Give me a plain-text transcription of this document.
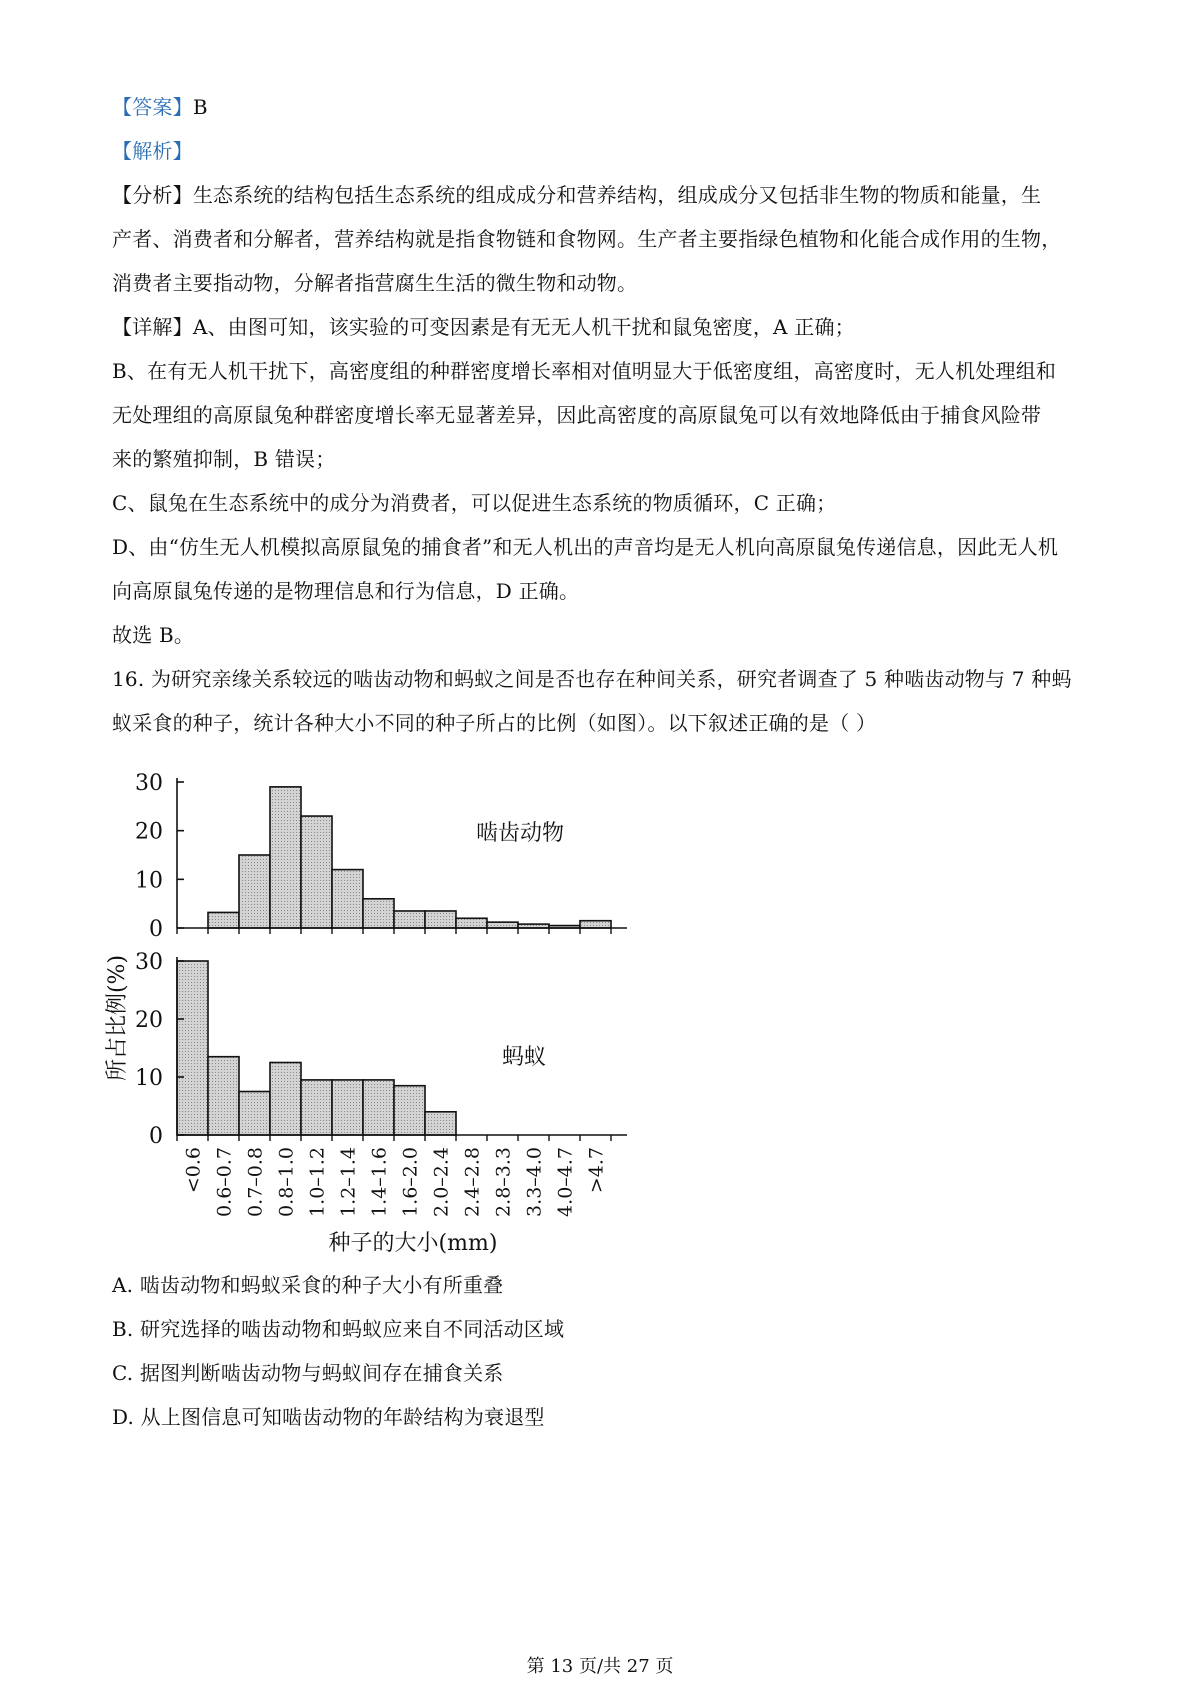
【答案】B
【解析】
【分析】生态系统的结构包括生态系统的组成成分和营养结构，组成成分又包括非生物的物质和能量，生
产者、消费者和分解者，营养结构就是指食物链和食物网。生产者主要指绿色植物和化能合成作用的生物，
消费者主要指动物，分解者指营腐生生活的微生物和动物。
【详解】A、由图可知，该实验的可变因素是有无无人机干扰和鼠兔密度，A 正确；
B、在有无人机干扰下，高密度组的种群密度增长率相对值明显大于低密度组，高密度时，无人机处理组和
无处理组的高原鼠兔种群密度增长率无显著差异，因此高密度的高原鼠兔可以有效地降低由于捕食风险带
来的繁殖抑制，B 错误；
C、鼠兔在生态系统中的成分为消费者，可以促进生态系统的物质循环，C 正确；
D、由“仿生无人机模拟高原鼠兔的捕食者”和无人机出的声音均是无人机向高原鼠兔传递信息，因此无人机
向高原鼠兔传递的是物理信息和行为信息，D 正确。
故选 B。
16. 为研究亲缘关系较远的啮齿动物和蚂蚁之间是否也存在种间关系，研究者调查了 5 种啮齿动物与 7 种蚂
蚁采食的种子，统计各种大小不同的种子所占的比例（如图）。以下叙述正确的是（ ）
0
10
20
30
0
10
20
30
<0.6 0.6–0.7 0.7–0.8 0.8–1.0 1.0–1.2 1.2–1.4 1.4–1.6 1.6–2.0 2.0–2.4 2.4–2.8 2.8–3.3 3.3–4.0 4.0–4.7 >4.7
所占比例(%)
种子的大小(mm)
啮齿动物
蚂蚁
A. 啮齿动物和蚂蚁采食的种子大小有所重叠
B. 研究选择的啮齿动物和蚂蚁应来自不同活动区域
C. 据图判断啮齿动物与蚂蚁间存在捕食关系
D. 从上图信息可知啮齿动物的年龄结构为衰退型
第 13 页/共 27 页
